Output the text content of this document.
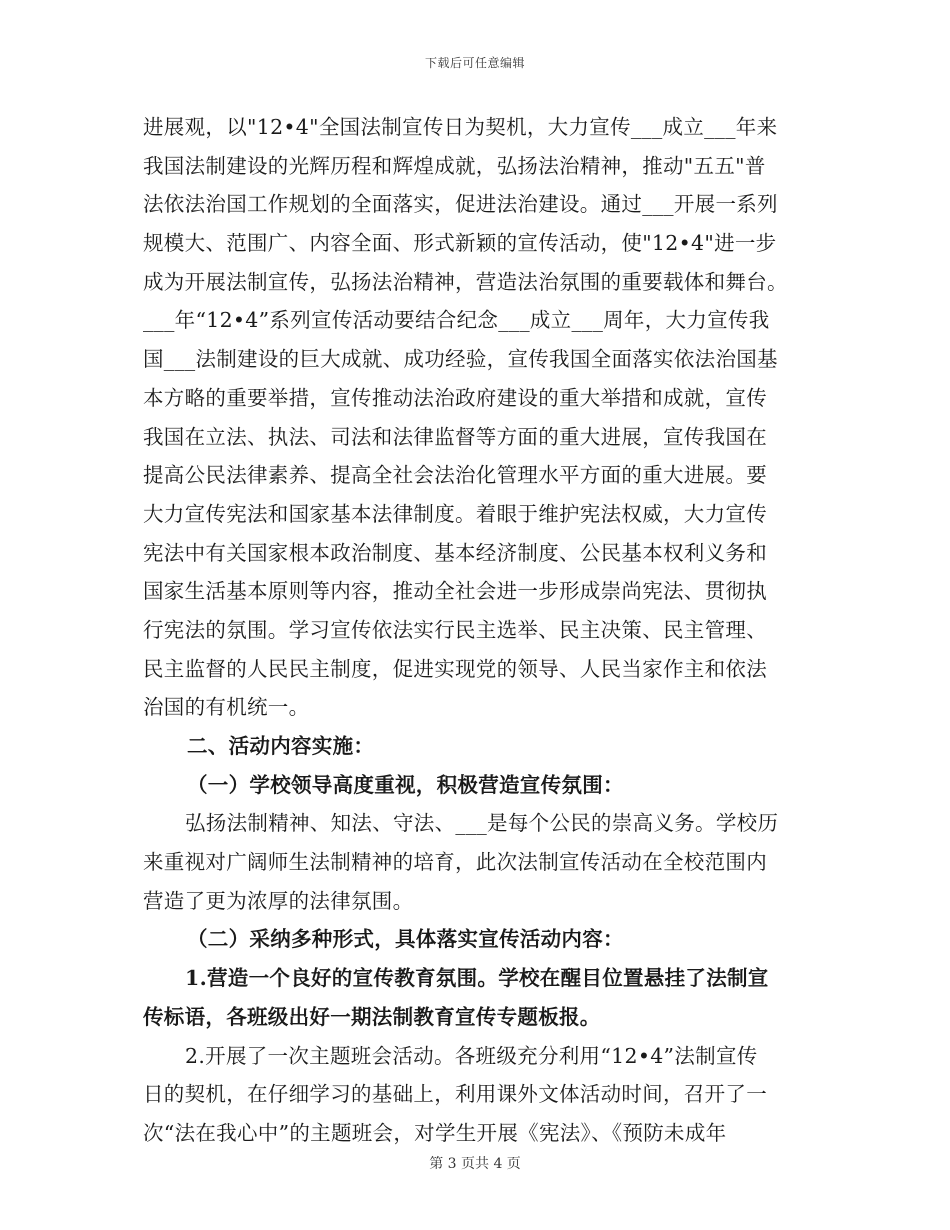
下载后可任意编辑
进展观，以"12•4"全国法制宣传日为契机，大力宣传___成立___年来
我国法制建设的光辉历程和辉煌成就，弘扬法治精神，推动"五五"普
法依法治国工作规划的全面落实，促进法治建设。通过___开展一系列
规模大、范围广、内容全面、形式新颖的宣传活动，使"12•4"进一步
成为开展法制宣传，弘扬法治精神，营造法治氛围的重要载体和舞台。
___年“12•4”系列宣传活动要结合纪念___成立___周年，大力宣传我
国___法制建设的巨大成就、成功经验，宣传我国全面落实依法治国基
本方略的重要举措，宣传推动法治政府建设的重大举措和成就，宣传
我国在立法、执法、司法和法律监督等方面的重大进展，宣传我国在
提高公民法律素养、提高全社会法治化管理水平方面的重大进展。要
大力宣传宪法和国家基本法律制度。着眼于维护宪法权威，大力宣传
宪法中有关国家根本政治制度、基本经济制度、公民基本权利义务和
国家生活基本原则等内容，推动全社会进一步形成崇尚宪法、贯彻执
行宪法的氛围。学习宣传依法实行民主选举、民主决策、民主管理、
民主监督的人民民主制度，促进实现党的领导、人民当家作主和依法
治国的有机统一。
二、活动内容实施：
（一）学校领导高度重视，积极营造宣传氛围：
弘扬法制精神、知法、守法、___是每个公民的崇高义务。学校历
来重视对广阔师生法制精神的培育，此次法制宣传活动在全校范围内
营造了更为浓厚的法律氛围。
（二）采纳多种形式，具体落实宣传活动内容：
1.营造一个良好的宣传教育氛围。学校在醒目位置悬挂了法制宣
传标语，各班级出好一期法制教育宣传专题板报。
2.开展了一次主题班会活动。各班级充分利用“12•4”法制宣传
日的契机，在仔细学习的基础上，利用课外文体活动时间，召开了一
次“法在我心中”的主题班会，对学生开展《宪法》、《预防未成年
第 3 页共 4 页
